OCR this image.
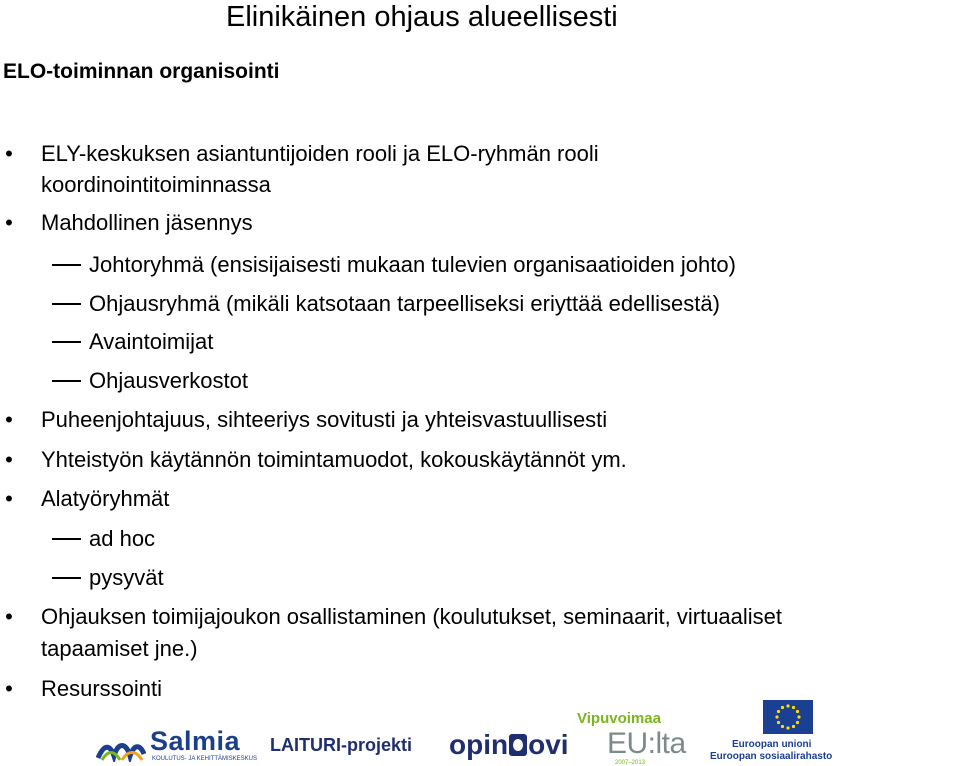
Elinikäinen ohjaus alueellisesti
ELO-toiminnan organisointi
• ELY-keskuksen asiantuntijoiden rooli ja ELO-ryhmän rooli
koordinointitoiminnassa
• Mahdollinen jäsennys
Johtoryhmä (ensisijaisesti mukaan tulevien organisaatioiden johto)
Ohjausryhmä (mikäli katsotaan tarpeelliseksi eriyttää edellisestä)
Avaintoimijat
Ohjausverkostot
• Puheenjohtajuus, sihteeriys sovitusti ja yhteisvastuullisesti
• Yhteistyön käytännön toimintamuodot, kokouskäytännöt ym.
• Alatyöryhmät
ad hoc
pysyvät
• Ohjauksen toimijajoukon osallistaminen (koulutukset, seminaarit, virtuaaliset
tapaamiset jne.)
• Resurssointi
Salmia
KOULUTUS- JA KEHITTÄMISKESKUS
LAITURI-projekti opin ovi
Vipuvoimaa
EU:lta
2007–2013
Euroopan unioni
Euroopan sosiaalirahasto
